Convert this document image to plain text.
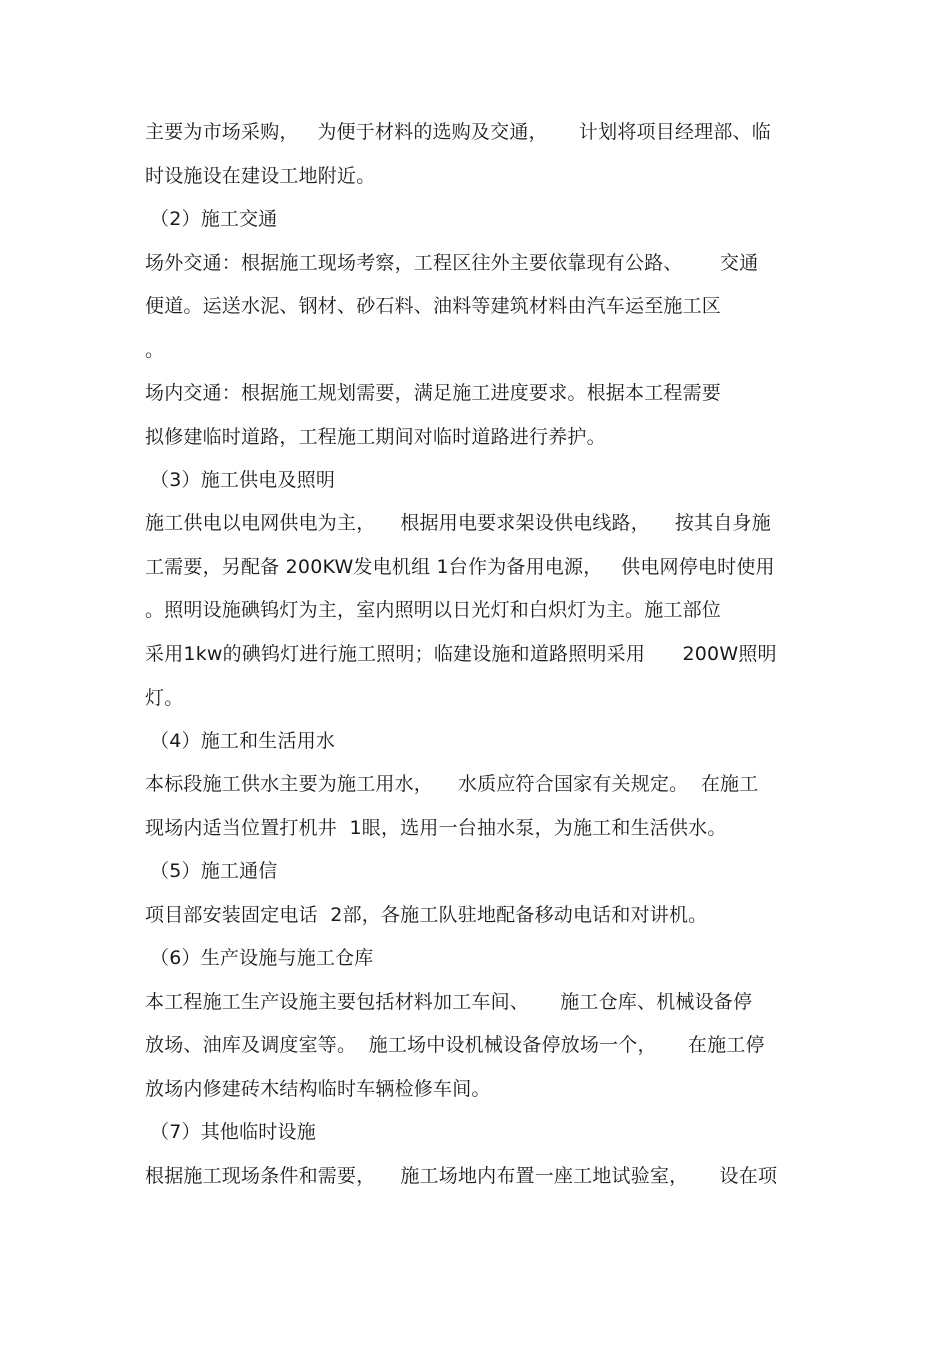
主要为市场采购，   为便于材料的选购及交通，     计划将项目经理部、临
时设施设在建设工地附近。
（2）施工交通
场外交通：根据施工现场考察，工程区往外主要依靠现有公路、      交通
便道。运送水泥、钢材、砂石料、油料等建筑材料由汽车运至施工区
。
场内交通：根据施工规划需要，满足施工进度要求。根据本工程需要
拟修建临时道路，工程施工期间对临时道路进行养护。
（3）施工供电及照明
施工供电以电网供电为主，    根据用电要求架设供电线路，    按其自身施
工需要，另配备 200KW发电机组 1台作为备用电源，   供电网停电时使用
。照明设施碘钨灯为主，室内照明以日光灯和白炽灯为主。施工部位
采用1kw的碘钨灯进行施工照明；临建设施和道路照明采用      200W照明
灯。
（4）施工和生活用水
本标段施工供水主要为施工用水，    水质应符合国家有关规定。  在施工
现场内适当位置打机井  1眼，选用一台抽水泵，为施工和生活供水。
（5）施工通信
项目部安装固定电话  2部，各施工队驻地配备移动电话和对讲机。
（6）生产设施与施工仓库
本工程施工生产设施主要包括材料加工车间、     施工仓库、机械设备停
放场、油库及调度室等。  施工场中设机械设备停放场一个，     在施工停
放场内修建砖木结构临时车辆检修车间。
（7）其他临时设施
根据施工现场条件和需要，    施工场地内布置一座工地试验室，     设在项
